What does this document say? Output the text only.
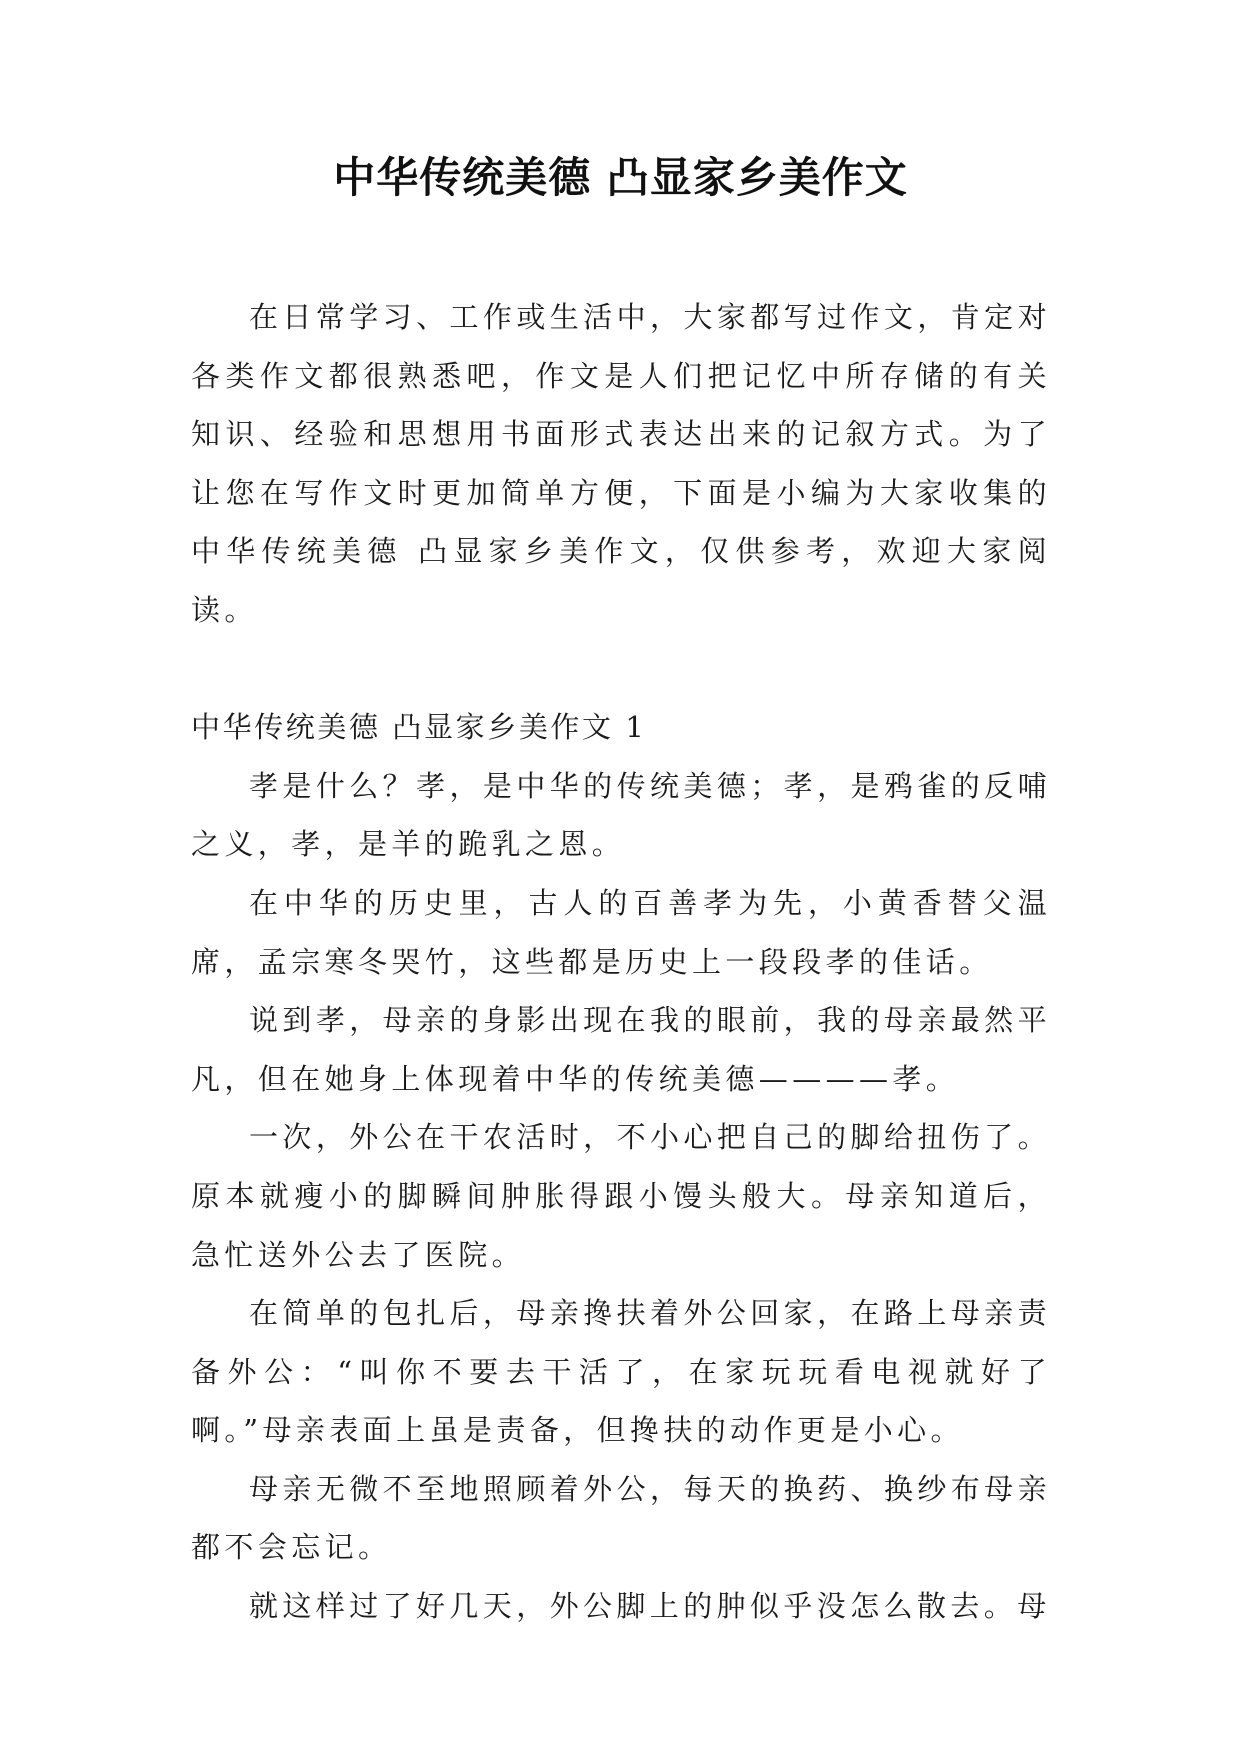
中华传统美德 凸显家乡美作文

在日常学习、工作或生活中，大家都写过作文，肯定对各类作文都很熟悉吧，作文是人们把记忆中所存储的有关知识、经验和思想用书面形式表达出来的记叙方式。为了让您在写作文时更加简单方便，下面是小编为大家收集的中华传统美德 凸显家乡美作文，仅供参考，欢迎大家阅读。

中华传统美德 凸显家乡美作文 1

孝是什么？孝，是中华的传统美德；孝，是鸦雀的反哺之义，孝，是羊的跪乳之恩。

在中华的历史里，古人的百善孝为先，小黄香替父温席，孟宗寒冬哭竹，这些都是历史上一段段孝的佳话。

说到孝，母亲的身影出现在我的眼前，我的母亲最然平凡，但在她身上体现着中华的传统美德————孝。

一次，外公在干农活时，不小心把自己的脚给扭伤了。原本就瘦小的脚瞬间肿胀得跟小馒头般大。母亲知道后，急忙送外公去了医院。

在简单的包扎后，母亲搀扶着外公回家，在路上母亲责备外公：“叫你不要去干活了，在家玩玩看电视就好了啊。”母亲表面上虽是责备，但搀扶的动作更是小心。

母亲无微不至地照顾着外公，每天的换药、换纱布母亲都不会忘记。

就这样过了好几天，外公脚上的肿似乎没怎么散去。母
